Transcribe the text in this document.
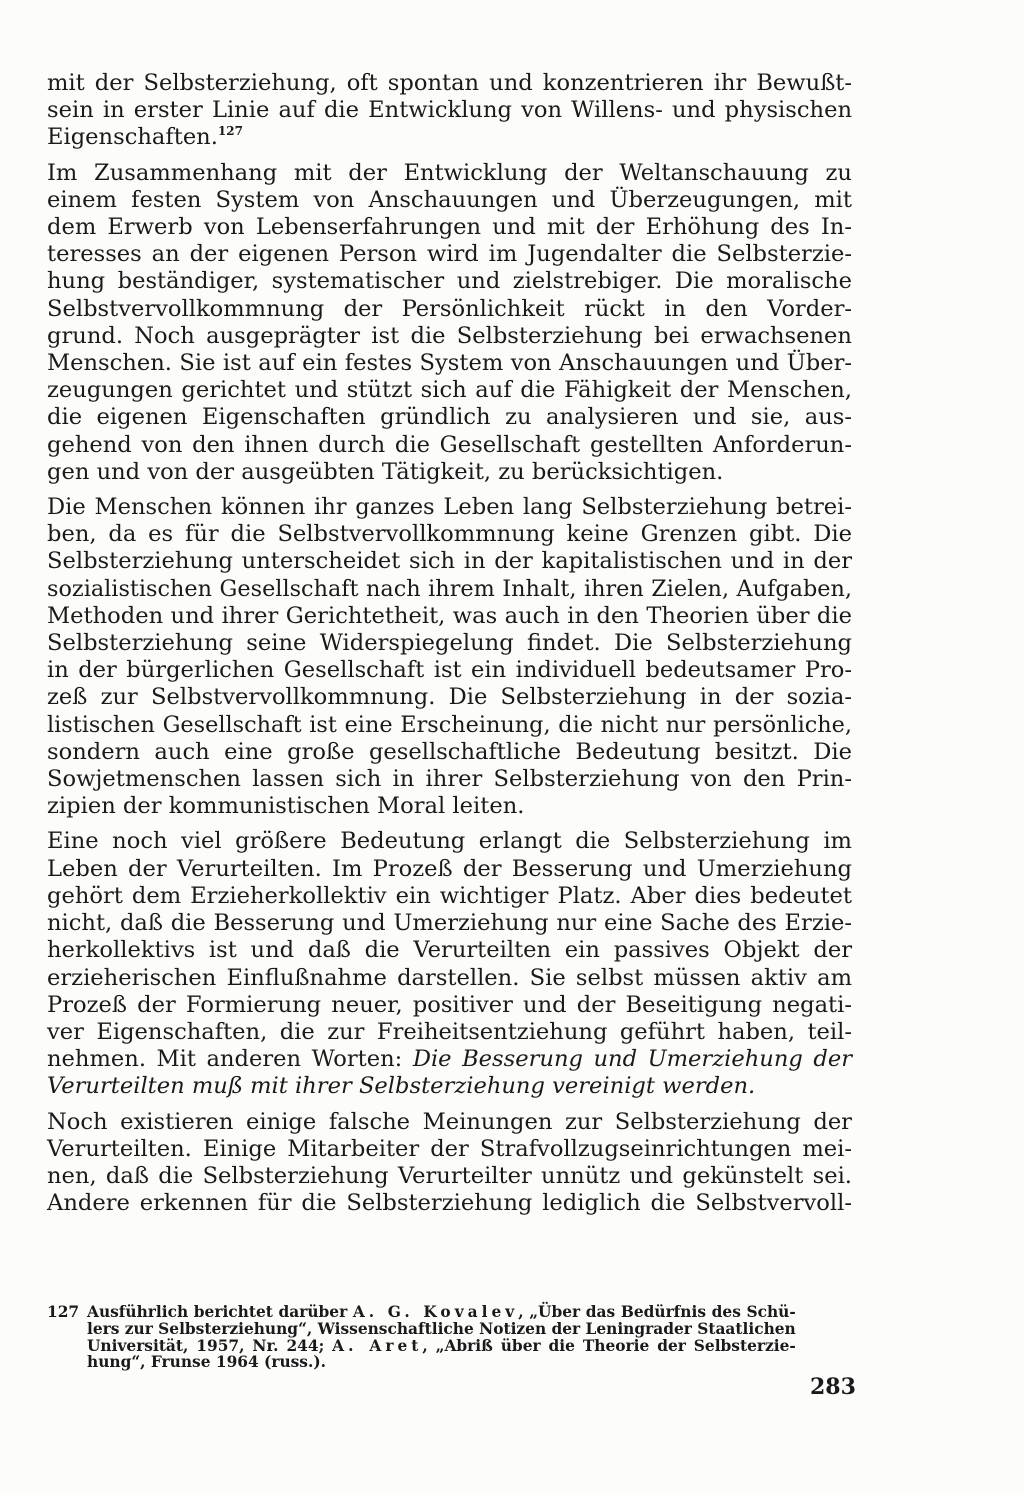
mit der Selbsterziehung, oft spontan und konzentrieren ihr Bewußt-
sein in erster Linie auf die Entwicklung von Willens- und physischen
Eigenschaften.$^{127}$

Im Zusammenhang mit der Entwicklung der Weltanschauung zu
einem festen System von Anschauungen und Überzeugungen, mit
dem Erwerb von Lebenserfahrungen und mit der Erhöhung des In-
teresses an der eigenen Person wird im Jugendalter die Selbsterzie-
hung beständiger, systematischer und zielstrebiger. Die moralische
Selbstvervollkommnung der Persönlichkeit rückt in den Vorder-
grund. Noch ausgeprägter ist die Selbsterziehung bei erwachsenen
Menschen. Sie ist auf ein festes System von Anschauungen und Über-
zeugungen gerichtet und stützt sich auf die Fähigkeit der Menschen,
die eigenen Eigenschaften gründlich zu analysieren und sie, aus-
gehend von den ihnen durch die Gesellschaft gestellten Anforderun-
gen und von der ausgeübten Tätigkeit, zu berücksichtigen.

Die Menschen können ihr ganzes Leben lang Selbsterziehung betrei-
ben, da es für die Selbstvervollkommnung keine Grenzen gibt. Die
Selbsterziehung unterscheidet sich in der kapitalistischen und in der
sozialistischen Gesellschaft nach ihrem Inhalt, ihren Zielen, Aufgaben,
Methoden und ihrer Gerichtetheit, was auch in den Theorien über die
Selbsterziehung seine Widerspiegelung findet. Die Selbsterziehung
in der bürgerlichen Gesellschaft ist ein individuell bedeutsamer Pro-
zeß zur Selbstvervollkommnung. Die Selbsterziehung in der sozia-
listischen Gesellschaft ist eine Erscheinung, die nicht nur persönliche,
sondern auch eine große gesellschaftliche Bedeutung besitzt. Die
Sowjetmenschen lassen sich in ihrer Selbsterziehung von den Prin-
zipien der kommunistischen Moral leiten.

Eine noch viel größere Bedeutung erlangt die Selbsterziehung im
Leben der Verurteilten. Im Prozeß der Besserung und Umerziehung
gehört dem Erzieherkollektiv ein wichtiger Platz. Aber dies bedeutet
nicht, daß die Besserung und Umerziehung nur eine Sache des Erzie-
herkollektivs ist und daß die Verurteilten ein passives Objekt der
erzieherischen Einflußnahme darstellen. Sie selbst müssen aktiv am
Prozeß der Formierung neuer, positiver und der Beseitigung negati-
ver Eigenschaften, die zur Freiheitsentziehung geführt haben, teil-
nehmen. Mit anderen Worten: Die Besserung und Umerziehung der
Verurteilten muß mit ihrer Selbsterziehung vereinigt werden.

Noch existieren einige falsche Meinungen zur Selbsterziehung der
Verurteilten. Einige Mitarbeiter der Strafvollzugseinrichtungen mei-
nen, daß die Selbsterziehung Verurteilter unnütz und gekünstelt sei.
Andere erkennen für die Selbsterziehung lediglich die Selbstvervoll-

127 Ausführlich berichtet darüber A. G. Kovalev, „Über das Bedürfnis des Schü-
lers zur Selbsterziehung“, Wissenschaftliche Notizen der Leningrader Staatlichen
Universität, 1957, Nr. 244; A. Aret, „Abriß über die Theorie der Selbsterzie-
hung“, Frunse 1964 (russ.).
283
